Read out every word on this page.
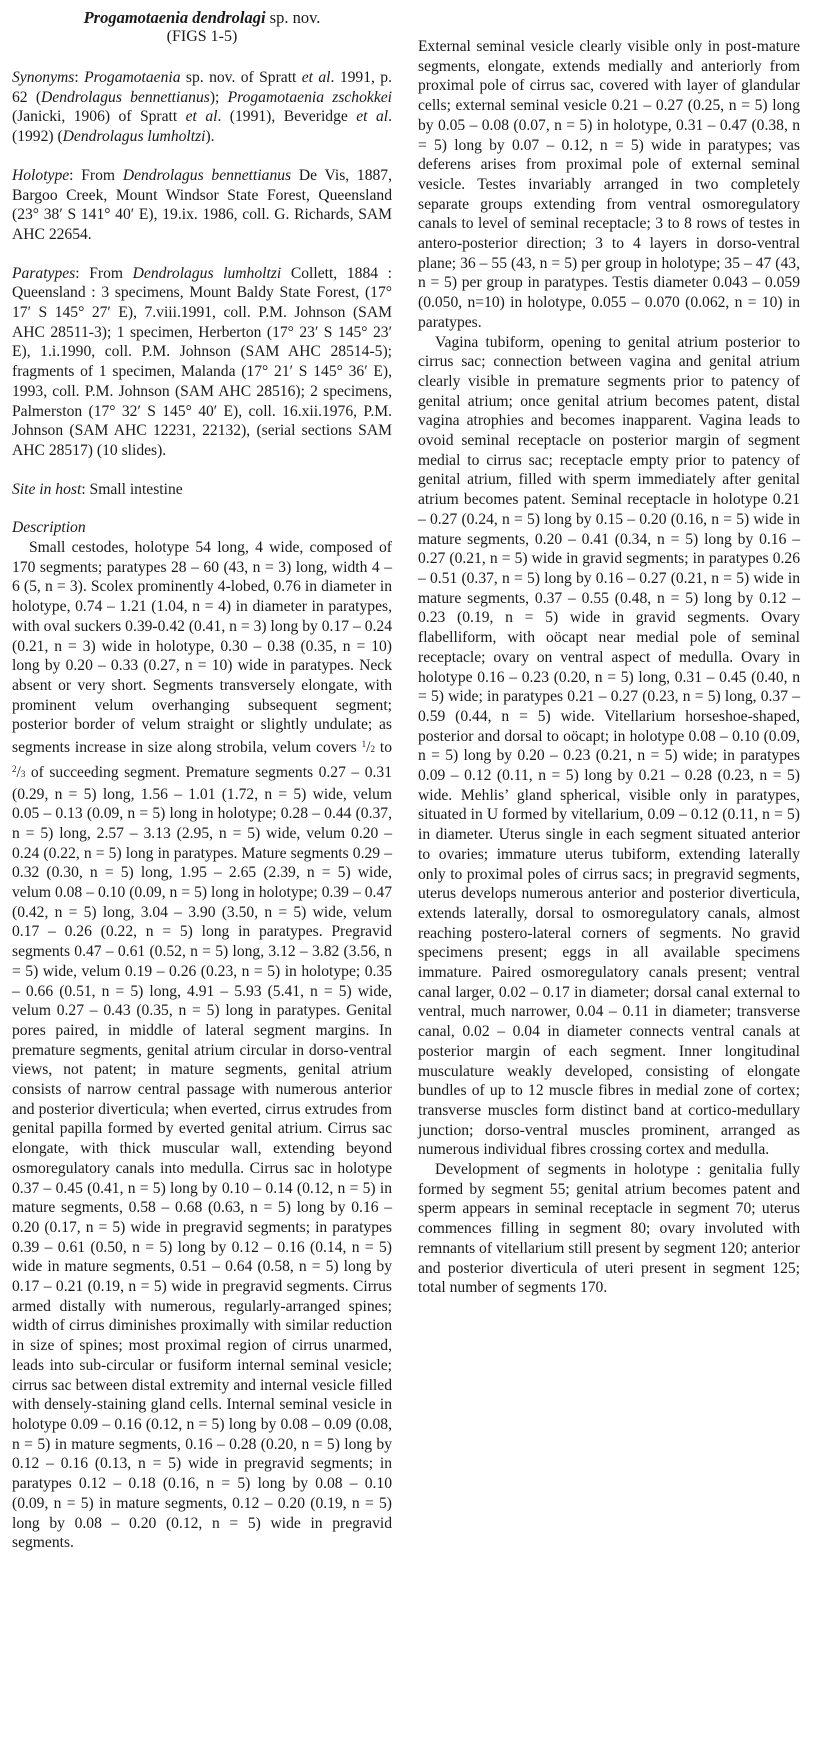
Progamotaenia dendrolagi sp. nov.
(FIGS 1-5)

Synonyms: Progamotaenia sp. nov. of Spratt et al. 1991, p. 62 (Dendrolagus bennettianus); Progamotaenia zschokkei (Janicki, 1906) of Spratt et al. (1991), Beveridge et al. (1992) (Dendrolagus lumholtzi).

Holotype: From Dendrolagus bennettianus De Vis, 1887, Bargoo Creek, Mount Windsor State Forest, Queensland (23° 38′ S 141° 40′ E), 19.ix. 1986, coll. G. Richards, SAM AHC 22654.

Paratypes: From Dendrolagus lumholtzi Collett, 1884 : Queensland : 3 specimens, Mount Baldy State Forest, (17° 17′ S 145° 27′ E), 7.viii.1991, coll. P.M. Johnson (SAM AHC 28511-3); 1 specimen, Herberton (17° 23′ S 145° 23′ E), 1.i.1990, coll. P.M. Johnson (SAM AHC 28514-5); fragments of 1 specimen, Malanda (17° 21′ S 145° 36′ E), 1993, coll. P.M. Johnson (SAM AHC 28516); 2 specimens, Palmerston (17° 32′ S 145° 40′ E), coll. 16.xii.1976, P.M. Johnson (SAM AHC 12231, 22132), (serial sections SAM AHC 28517) (10 slides).

Site in host: Small intestine

Description

Small cestodes, holotype 54 long, 4 wide, composed of 170 segments; paratypes 28 – 60 (43, n = 3) long, width 4 – 6 (5, n = 3). Scolex prominently 4-lobed, 0.76 in diameter in holotype, 0.74 – 1.21 (1.04, n = 4) in diameter in paratypes, with oval suckers 0.39-0.42 (0.41, n = 3) long by 0.17 – 0.24 (0.21, n = 3) wide in holotype, 0.30 – 0.38 (0.35, n = 10) long by 0.20 – 0.33 (0.27, n = 10) wide in paratypes. Neck absent or very short. Segments transversely elongate, with prominent velum overhanging subsequent segment; posterior border of velum straight or slightly undulate; as segments increase in size along strobila, velum covers $^1$/2 to $^2$/3 of succeeding segment. Premature segments 0.27 – 0.31 (0.29, n = 5) long, 1.56 – 1.01 (1.72, n = 5) wide, velum 0.05 – 0.13 (0.09, n = 5) long in holotype; 0.28 – 0.44 (0.37, n = 5) long, 2.57 – 3.13 (2.95, n = 5) wide, velum 0.20 – 0.24 (0.22, n = 5) long in paratypes. Mature segments 0.29 – 0.32 (0.30, n = 5) long, 1.95 – 2.65 (2.39, n = 5) wide, velum 0.08 – 0.10 (0.09, n = 5) long in holotype; 0.39 – 0.47 (0.42, n = 5) long, 3.04 – 3.90 (3.50, n = 5) wide, velum 0.17 – 0.26 (0.22, n = 5) long in paratypes. Pregravid segments 0.47 – 0.61 (0.52, n = 5) long, 3.12 – 3.82 (3.56, n = 5) wide, velum 0.19 – 0.26 (0.23, n = 5) in holotype; 0.35 – 0.66 (0.51, n = 5) long, 4.91 – 5.93 (5.41, n = 5) wide, velum 0.27 – 0.43 (0.35, n = 5) long in paratypes. Genital pores paired, in middle of lateral segment margins. In premature segments, genital atrium circular in dorso-ventral views, not patent; in mature segments, genital atrium consists of narrow central passage with numerous anterior and posterior diverticula; when everted, cirrus extrudes from genital papilla formed by everted genital atrium. Cirrus sac elongate, with thick muscular wall, extending beyond osmoregulatory canals into medulla. Cirrus sac in holotype 0.37 – 0.45 (0.41, n = 5) long by 0.10 – 0.14 (0.12, n = 5) in mature segments, 0.58 – 0.68 (0.63, n = 5) long by 0.16 – 0.20 (0.17, n = 5) wide in pregravid segments; in paratypes 0.39 – 0.61 (0.50, n = 5) long by 0.12 – 0.16 (0.14, n = 5) wide in mature segments, 0.51 – 0.64 (0.58, n = 5) long by 0.17 – 0.21 (0.19, n = 5) wide in pregravid segments. Cirrus armed distally with numerous, regularly-arranged spines; width of cirrus diminishes proximally with similar reduction in size of spines; most proximal region of cirrus unarmed, leads into sub-circular or fusiform internal seminal vesicle; cirrus sac between distal extremity and internal vesicle filled with densely-staining gland cells. Internal seminal vesicle in holotype 0.09 – 0.16 (0.12, n = 5) long by 0.08 – 0.09 (0.08, n = 5) in mature segments, 0.16 – 0.28 (0.20, n = 5) long by 0.12 – 0.16 (0.13, n = 5) wide in pregravid segments; in paratypes 0.12 – 0.18 (0.16, n = 5) long by 0.08 – 0.10 (0.09, n = 5) in mature segments, 0.12 – 0.20 (0.19, n = 5) long by 0.08 – 0.20 (0.12, n = 5) wide in pregravid segments.

External seminal vesicle clearly visible only in post-mature segments, elongate, extends medially and anteriorly from proximal pole of cirrus sac, covered with layer of glandular cells; external seminal vesicle 0.21 – 0.27 (0.25, n = 5) long by 0.05 – 0.08 (0.07, n = 5) in holotype, 0.31 – 0.47 (0.38, n = 5) long by 0.07 – 0.12, n = 5) wide in paratypes; vas deferens arises from proximal pole of external seminal vesicle. Testes invariably arranged in two completely separate groups extending from ventral osmoregulatory canals to level of seminal receptacle; 3 to 8 rows of testes in antero-posterior direction; 3 to 4 layers in dorso-ventral plane; 36 – 55 (43, n = 5) per group in holotype; 35 – 47 (43, n = 5) per group in paratypes. Testis diameter 0.043 – 0.059 (0.050, n=10) in holotype, 0.055 – 0.070 (0.062, n = 10) in paratypes.

Vagina tubiform, opening to genital atrium posterior to cirrus sac; connection between vagina and genital atrium clearly visible in premature segments prior to patency of genital atrium; once genital atrium becomes patent, distal vagina atrophies and becomes inapparent. Vagina leads to ovoid seminal receptacle on posterior margin of segment medial to cirrus sac; receptacle empty prior to patency of genital atrium, filled with sperm immediately after genital atrium becomes patent. Seminal receptacle in holotype 0.21 – 0.27 (0.24, n = 5) long by 0.15 – 0.20 (0.16, n = 5) wide in mature segments, 0.20 – 0.41 (0.34, n = 5) long by 0.16 – 0.27 (0.21, n = 5) wide in gravid segments; in paratypes 0.26 – 0.51 (0.37, n = 5) long by 0.16 – 0.27 (0.21, n = 5) wide in mature segments, 0.37 – 0.55 (0.48, n = 5) long by 0.12 – 0.23 (0.19, n = 5) wide in gravid segments. Ovary flabelliform, with oöcapt near medial pole of seminal receptacle; ovary on ventral aspect of medulla. Ovary in holotype 0.16 – 0.23 (0.20, n = 5) long, 0.31 – 0.45 (0.40, n = 5) wide; in paratypes 0.21 – 0.27 (0.23, n = 5) long, 0.37 – 0.59 (0.44, n = 5) wide. Vitellarium horseshoe-shaped, posterior and dorsal to oöcapt; in holotype 0.08 – 0.10 (0.09, n = 5) long by 0.20 – 0.23 (0.21, n = 5) wide; in paratypes 0.09 – 0.12 (0.11, n = 5) long by 0.21 – 0.28 (0.23, n = 5) wide. Mehlis’ gland spherical, visible only in paratypes, situated in U formed by vitellarium, 0.09 – 0.12 (0.11, n = 5) in diameter. Uterus single in each segment situated anterior to ovaries; immature uterus tubiform, extending laterally only to proximal poles of cirrus sacs; in pregravid segments, uterus develops numerous anterior and posterior diverticula, extends laterally, dorsal to osmoregulatory canals, almost reaching postero-lateral corners of segments. No gravid specimens present; eggs in all available specimens immature. Paired osmoregulatory canals present; ventral canal larger, 0.02 – 0.17 in diameter; dorsal canal external to ventral, much narrower, 0.04 – 0.11 in diameter; transverse canal, 0.02 – 0.04 in diameter connects ventral canals at posterior margin of each segment. Inner longitudinal musculature weakly developed, consisting of elongate bundles of up to 12 muscle fibres in medial zone of cortex; transverse muscles form distinct band at cortico-medullary junction; dorso-ventral muscles prominent, arranged as numerous individual fibres crossing cortex and medulla.

Development of segments in holotype : genitalia fully formed by segment 55; genital atrium becomes patent and sperm appears in seminal receptacle in segment 70; uterus commences filling in segment 80; ovary involuted with remnants of vitellarium still present by segment 120; anterior and posterior diverticula of uteri present in segment 125; total number of segments 170.
